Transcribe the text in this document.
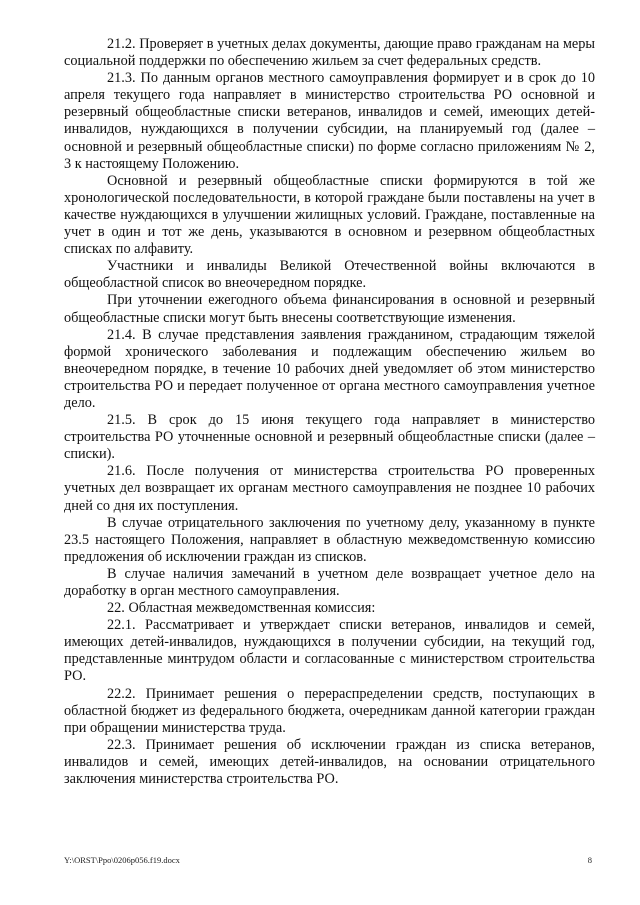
21.2. Проверяет в учетных делах документы, дающие право гражданам на меры социальной поддержки по обеспечению жильем за счет федеральных средств.

21.3. По данным органов местного самоуправления формирует и в срок до 10 апреля текущего года направляет в министерство строительства РО основной и резервный общеобластные списки ветеранов, инвалидов и семей, имеющих детей-инвалидов, нуждающихся в получении субсидии, на планируемый год (далее – основной и резервный общеобластные списки) по форме согласно приложениям № 2, 3 к настоящему Положению.

Основной и резервный общеобластные списки формируются в той же хронологической последовательности, в которой граждане были поставлены на учет в качестве нуждающихся в улучшении жилищных условий. Граждане, поставленные на учет в один и тот же день, указываются в основном и резервном общеобластных списках по алфавиту.

Участники и инвалиды Великой Отечественной войны включаются в общеобластной список во внеочередном порядке.

При уточнении ежегодного объема финансирования в основной и резервный общеобластные списки могут быть внесены соответствующие изменения.

21.4. В случае представления заявления гражданином, страдающим тяжелой формой хронического заболевания и подлежащим обеспечению жильем во внеочередном порядке, в течение 10 рабочих дней уведомляет об этом министерство строительства РО и передает полученное от органа местного самоуправления учетное дело.

21.5. В срок до 15 июня текущего года направляет в министерство строительства РО уточненные основной и резервный общеобластные списки (далее – списки).

21.6. После получения от министерства строительства РО проверенных учетных дел возвращает их органам местного самоуправления не позднее 10 рабочих дней со дня их поступления.

В случае отрицательного заключения по учетному делу, указанному в пункте 23.5 настоящего Положения, направляет в областную межведомственную комиссию предложения об исключении граждан из списков.

В случае наличия замечаний в учетном деле возвращает учетное дело на доработку в орган местного самоуправления.

22. Областная межведомственная комиссия:

22.1. Рассматривает и утверждает списки ветеранов, инвалидов и семей, имеющих детей-инвалидов, нуждающихся в получении субсидии, на текущий год, представленные минтрудом области и согласованные с министерством строительства РО.

22.2. Принимает решения о перераспределении средств, поступающих в областной бюджет из федерального бюджета, очередникам данной категории граждан при обращении министерства труда.

22.3. Принимает решения об исключении граждан из списка ветеранов, инвалидов и семей, имеющих детей-инвалидов, на основании отрицательного заключения министерства строительства РО.

Y:\ORST\Ppo\0206p056.f19.docx	8
